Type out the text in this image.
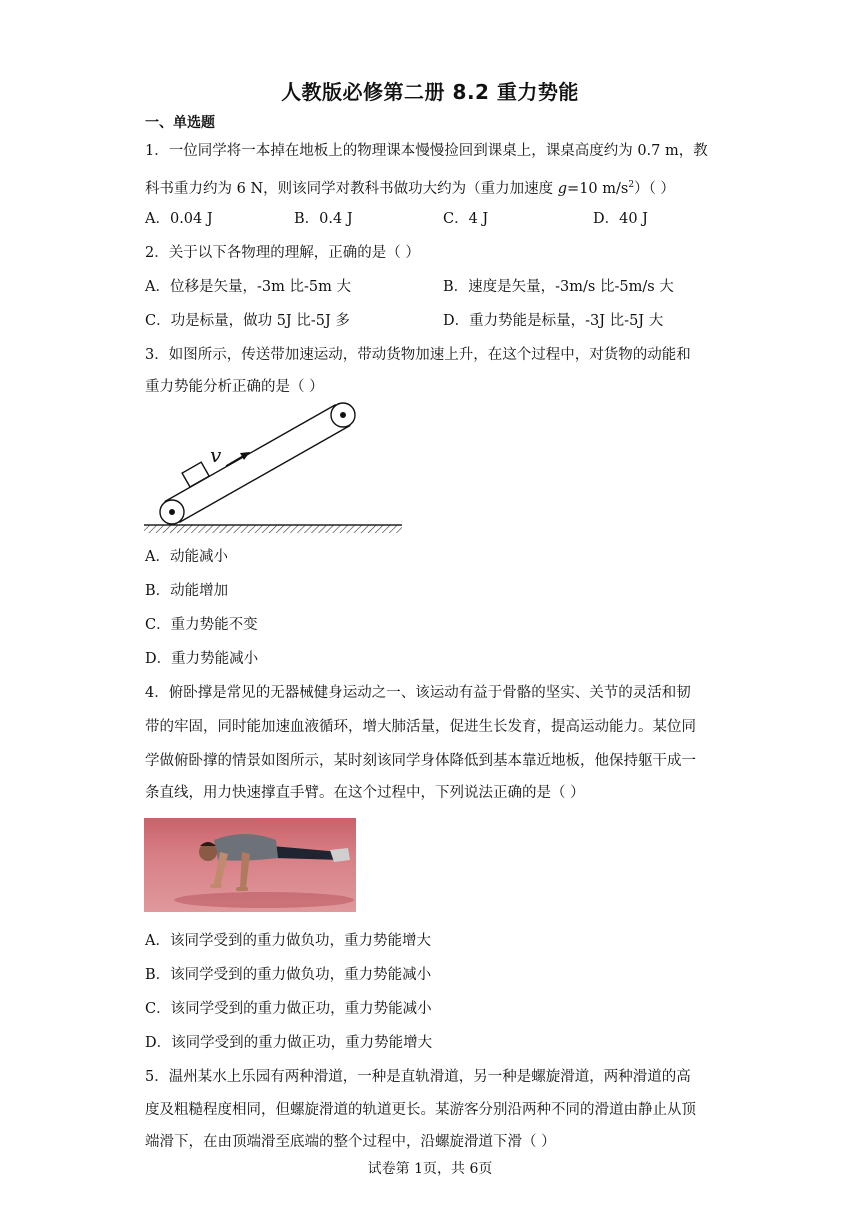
人教版必修第二册 8.2 重力势能
一、单选题
1．一位同学将一本掉在地板上的物理课本慢慢捡回到课桌上，课桌高度约为 0.7 m，教
科书重力约为 6 N，则该同学对教科书做功大约为（重力加速度 g=10 $m/s^2$）（ ）
A．0.04 J	B．0.4 J	C．4 J	D．40 J
2．关于以下各物理的理解，正确的是（ ）
A．位移是矢量，-3m 比-5m 大	B．速度是矢量，-3m/s 比-5m/s 大
C．功是标量，做功 5J 比-5J 多	D．重力势能是标量，-3J 比-5J 大
3．如图所示，传送带加速运动，带动货物加速上升，在这个过程中，对货物的动能和
重力势能分析正确的是（ ）
v
A．动能减小
B．动能增加
C．重力势能不变
D．重力势能减小
4．俯卧撑是常见的无器械健身运动之一、该运动有益于骨骼的坚实、关节的灵活和韧
带的牢固，同时能加速血液循环，增大肺活量，促进生长发育，提高运动能力。某位同
学做俯卧撑的情景如图所示，某时刻该同学身体降低到基本靠近地板，他保持躯干成一
条直线，用力快速撑直手臂。在这个过程中，下列说法正确的是（ ）
A．该同学受到的重力做负功，重力势能增大
B．该同学受到的重力做负功，重力势能减小
C．该同学受到的重力做正功，重力势能减小
D．该同学受到的重力做正功，重力势能增大
5．温州某水上乐园有两种滑道，一种是直轨滑道，另一种是螺旋滑道，两种滑道的高
度及粗糙程度相同，但螺旋滑道的轨道更长。某游客分别沿两种不同的滑道由静止从顶
端滑下，在由顶端滑至底端的整个过程中，沿螺旋滑道下滑（ ）
试卷第 1页，共 6页
